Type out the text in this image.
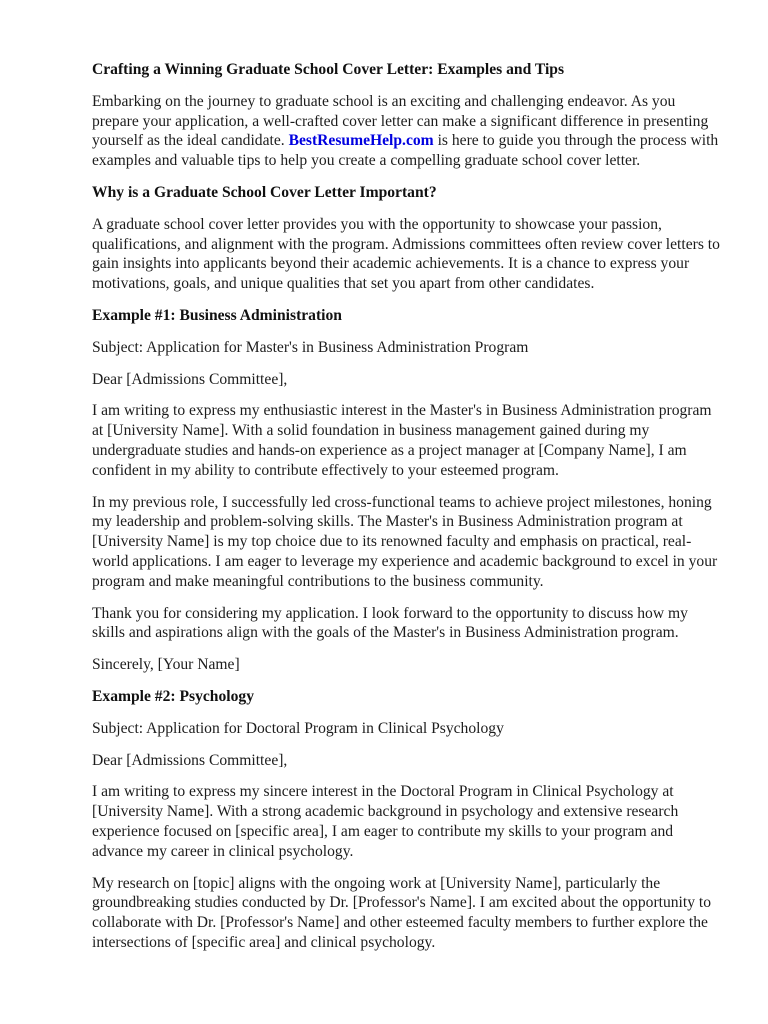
Crafting a Winning Graduate School Cover Letter: Examples and Tips

Embarking on the journey to graduate school is an exciting and challenging endeavor. As you prepare your application, a well-crafted cover letter can make a significant difference in presenting yourself as the ideal candidate. BestResumeHelp.com is here to guide you through the process with examples and valuable tips to help you create a compelling graduate school cover letter.

Why is a Graduate School Cover Letter Important?

A graduate school cover letter provides you with the opportunity to showcase your passion, qualifications, and alignment with the program. Admissions committees often review cover letters to gain insights into applicants beyond their academic achievements. It is a chance to express your motivations, goals, and unique qualities that set you apart from other candidates.

Example #1: Business Administration

Subject: Application for Master's in Business Administration Program

Dear [Admissions Committee],

I am writing to express my enthusiastic interest in the Master's in Business Administration program at [University Name]. With a solid foundation in business management gained during my undergraduate studies and hands-on experience as a project manager at [Company Name], I am confident in my ability to contribute effectively to your esteemed program.

In my previous role, I successfully led cross-functional teams to achieve project milestones, honing my leadership and problem-solving skills. The Master's in Business Administration program at [University Name] is my top choice due to its renowned faculty and emphasis on practical, real-world applications. I am eager to leverage my experience and academic background to excel in your program and make meaningful contributions to the business community.

Thank you for considering my application. I look forward to the opportunity to discuss how my skills and aspirations align with the goals of the Master's in Business Administration program.

Sincerely, [Your Name]

Example #2: Psychology

Subject: Application for Doctoral Program in Clinical Psychology

Dear [Admissions Committee],

I am writing to express my sincere interest in the Doctoral Program in Clinical Psychology at [University Name]. With a strong academic background in psychology and extensive research experience focused on [specific area], I am eager to contribute my skills to your program and advance my career in clinical psychology.

My research on [topic] aligns with the ongoing work at [University Name], particularly the groundbreaking studies conducted by Dr. [Professor's Name]. I am excited about the opportunity to collaborate with Dr. [Professor's Name] and other esteemed faculty members to further explore the intersections of [specific area] and clinical psychology.
